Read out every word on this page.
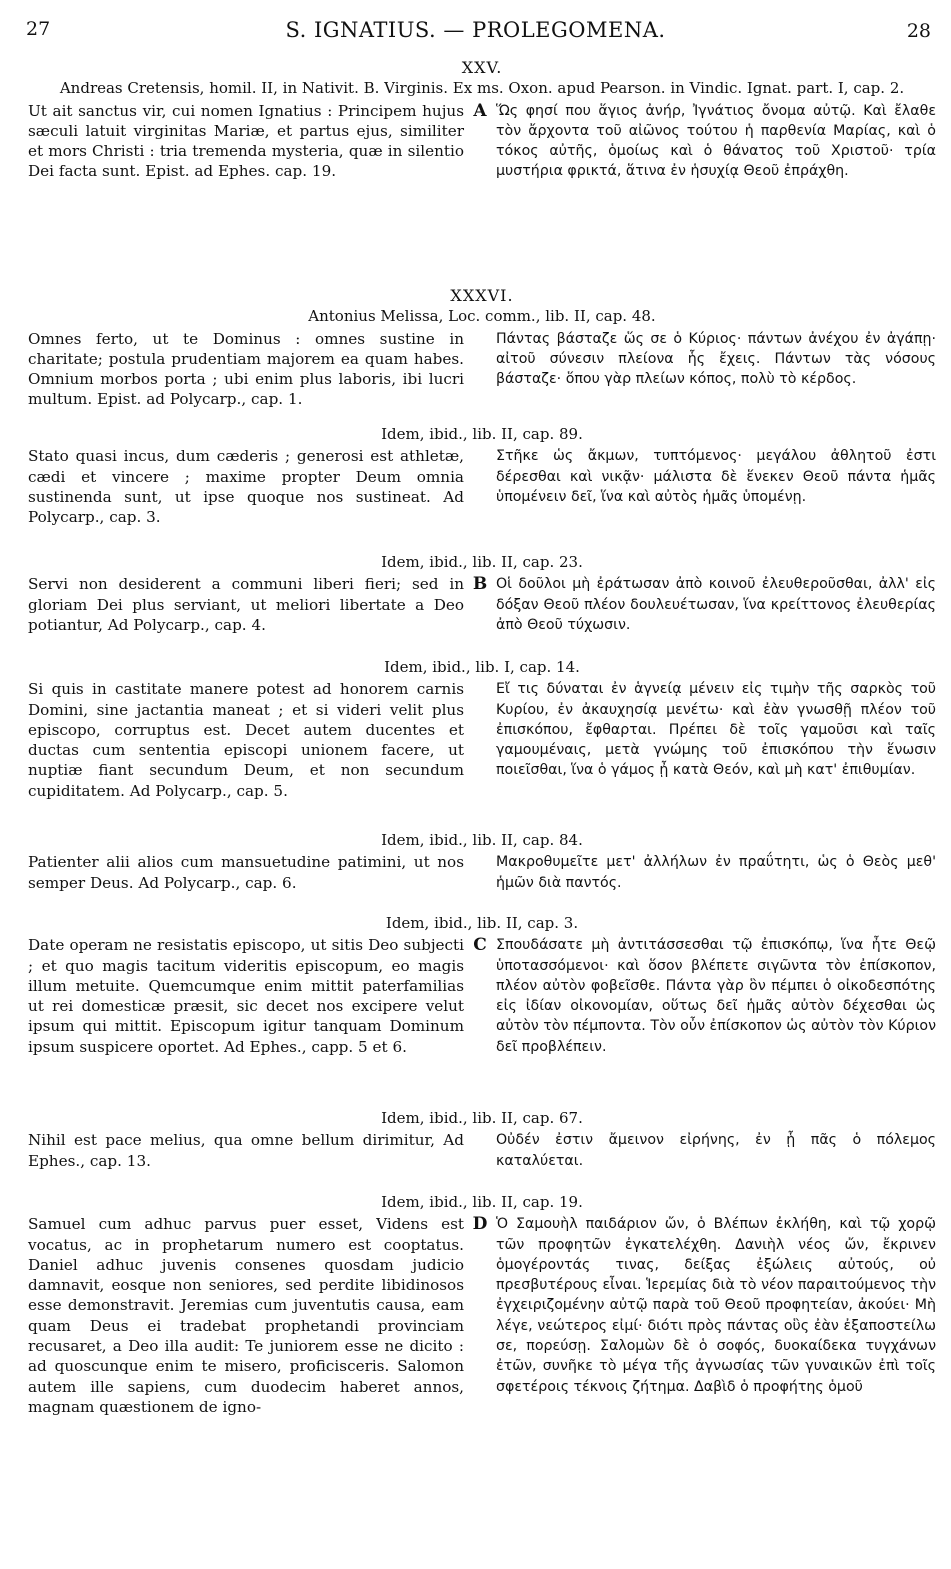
27	S. IGNATIUS. — PROLEGOMENA.	28
XXV.
Andreas Cretensis, homil. II, in Nativit. B. Virginis. Ex ms. Oxon. apud Pearson. in Vindic. Ignat. part. I, cap. 2.
Ut ait sanctus vir, cui nomen Ignatius : Principem hujus sæculi latuit virginitas Mariæ, et partus ejus, similiter et mors Christi : tria tremenda mysteria, quæ in silentio Dei facta sunt. Epist. ad Ephes. cap. 19.
A Ὥς φησί που ἅγιος ἀνήρ, Ἰγνάτιος ὄνομα αὐτῷ. Καὶ ἔλαθε τὸν ἄρχοντα τοῦ αἰῶνος τούτου ἡ παρθενία Μαρίας, καὶ ὁ τόκος αὐτῆς, ὁμοίως καὶ ὁ θάνατος τοῦ Χριστοῦ· τρία μυστήρια φρικτά, ἅτινα ἐν ἡσυχίᾳ Θεοῦ ἐπράχθη.
XXXVI.
Antonius Melissa, Loc. comm., lib. II, cap. 48.
Omnes ferto, ut te Dominus : omnes sustine in charitate; postula prudentiam majorem ea quam habes. Omnium morbos porta ; ubi enim plus laboris, ibi lucri multum. Epist. ad Polycarp., cap. 1.
Πάντας βάσταζε ὥς σε ὁ Κύριος· πάντων ἀνέχου ἐν ἀγάπῃ· αἰτοῦ σύνεσιν πλείονα ἧς ἔχεις. Πάντων τὰς νόσους βάσταζε· ὅπου γὰρ πλείων κόπος, πολὺ τὸ κέρδος.
Idem, ibid., lib. II, cap. 89.
Stato quasi incus, dum cæderis ; generosi est athletæ, cædi et vincere ; maxime propter Deum omnia sustinenda sunt, ut ipse quoque nos sustineat. Ad Polycarp., cap. 3.
Στῆκε ὡς ἄκμων, τυπτόμενος· μεγάλου ἀθλητοῦ ἐστι δέρεσθαι καὶ νικᾷν· μάλιστα δὲ ἕνεκεν Θεοῦ πάντα ἡμᾶς ὑπομένειν δεῖ, ἵνα καὶ αὐτὸς ἡμᾶς ὑπομένῃ.
Idem, ibid., lib. II, cap. 23.
Servi non desiderent a communi liberi fieri; sed in gloriam Dei plus serviant, ut meliori libertate a Deo potiantur, Ad Polycarp., cap. 4.
B Οἱ δοῦλοι μὴ ἐράτωσαν ἀπὸ κοινοῦ ἐλευθεροῦσθαι, ἀλλ' εἰς δόξαν Θεοῦ πλέον δουλευέτωσαν, ἵνα κρείττονος ἐλευθερίας ἀπὸ Θεοῦ τύχωσιν.
Idem, ibid., lib. I, cap. 14.
Si quis in castitate manere potest ad honorem carnis Domini, sine jactantia maneat ; et si videri velit plus episcopo, corruptus est. Decet autem ducentes et ductas cum sententia episcopi unionem facere, ut nuptiæ fiant secundum Deum, et non secundum cupiditatem. Ad Polycarp., cap. 5.
Εἴ τις δύναται ἐν ἁγνείᾳ μένειν εἰς τιμὴν τῆς σαρκὸς τοῦ Κυρίου, ἐν ἀκαυχησίᾳ μενέτω· καὶ ἐὰν γνωσθῇ πλέον τοῦ ἐπισκόπου, ἔφθαρται. Πρέπει δὲ τοῖς γαμοῦσι καὶ ταῖς γαμουμέναις, μετὰ γνώμης τοῦ ἐπισκόπου τὴν ἕνωσιν ποιεῖσθαι, ἵνα ὁ γάμος ᾖ κατὰ Θεόν, καὶ μὴ κατ' ἐπιθυμίαν.
Idem, ibid., lib. II, cap. 84.
Patienter alii alios cum mansuetudine patimini, ut nos semper Deus. Ad Polycarp., cap. 6.
Μακροθυμεῖτε μετ' ἀλλήλων ἐν πραΰτητι, ὡς ὁ Θεὸς μεθ' ἡμῶν διὰ παντός.
Idem, ibid., lib. II, cap. 3.
Date operam ne resistatis episcopo, ut sitis Deo subjecti ; et quo magis tacitum videritis episcopum, eo magis illum metuite. Quemcumque enim mittit paterfamilias ut rei domesticæ præsit, sic decet nos excipere velut ipsum qui mittit. Episcopum igitur tanquam Dominum ipsum suspicere oportet. Ad Ephes., capp. 5 et 6.
C Σπουδάσατε μὴ ἀντιτάσσεσθαι τῷ ἐπισκόπῳ, ἵνα ἦτε Θεῷ ὑποτασσόμενοι· καὶ ὅσον βλέπετε σιγῶντα τὸν ἐπίσκοπον, πλέον αὐτὸν φοβεῖσθε. Πάντα γὰρ ὃν πέμπει ὁ οἰκοδεσπότης εἰς ἰδίαν οἰκονομίαν, οὕτως δεῖ ἡμᾶς αὐτὸν δέχεσθαι ὡς αὐτὸν τὸν πέμποντα. Τὸν οὖν ἐπίσκοπον ὡς αὐτὸν τὸν Κύριον δεῖ προβλέπειν.
Idem, ibid., lib. II, cap. 67.
Nihil est pace melius, qua omne bellum dirimitur, Ad Ephes., cap. 13.
Οὐδέν ἐστιν ἄμεινον εἰρήνης, ἐν ᾗ πᾶς ὁ πόλεμος καταλύεται.
Idem, ibid., lib. II, cap. 19.
Samuel cum adhuc parvus puer esset, Videns est vocatus, ac in prophetarum numero est cooptatus. Daniel adhuc juvenis consenes quosdam judicio damnavit, eosque non seniores, sed perdite libidinosos esse demonstravit. Jeremias cum juventutis causa, eam quam Deus ei tradebat prophetandi provinciam recusaret, a Deo illa audit: Te juniorem esse ne dicito : ad quoscunque enim te misero, proficisceris. Salomon autem ille sapiens, cum duodecim haberet annos, magnam quæstionem de igno-
D Ὁ Σαμουὴλ παιδάριον ὤν, ὁ Βλέπων ἐκλήθη, καὶ τῷ χορῷ τῶν προφητῶν ἐγκατελέχθη. Δανιὴλ νέος ὤν, ἔκρινεν ὁμογέροντάς τινας, δείξας ἐξώλεις αὐτούς, οὐ πρεσβυτέρους εἶναι. Ἱερεμίας διὰ τὸ νέον παραιτούμενος τὴν ἐγχειριζομένην αὐτῷ παρὰ τοῦ Θεοῦ προφητείαν, ἀκούει· Μὴ λέγε, νεώτερος εἰμί· διότι πρὸς πάντας οὓς ἐὰν ἐξαποστείλω σε, πορεύσῃ. Σαλομὼν δὲ ὁ σοφός, δυοκαίδεκα τυγχάνων ἐτῶν, συνῆκε τὸ μέγα τῆς ἀγνωσίας τῶν γυναικῶν ἐπὶ τοῖς σφετέροις τέκνοις ζήτημα. Δαβὶδ ὁ προφήτης ὁμοῦ
